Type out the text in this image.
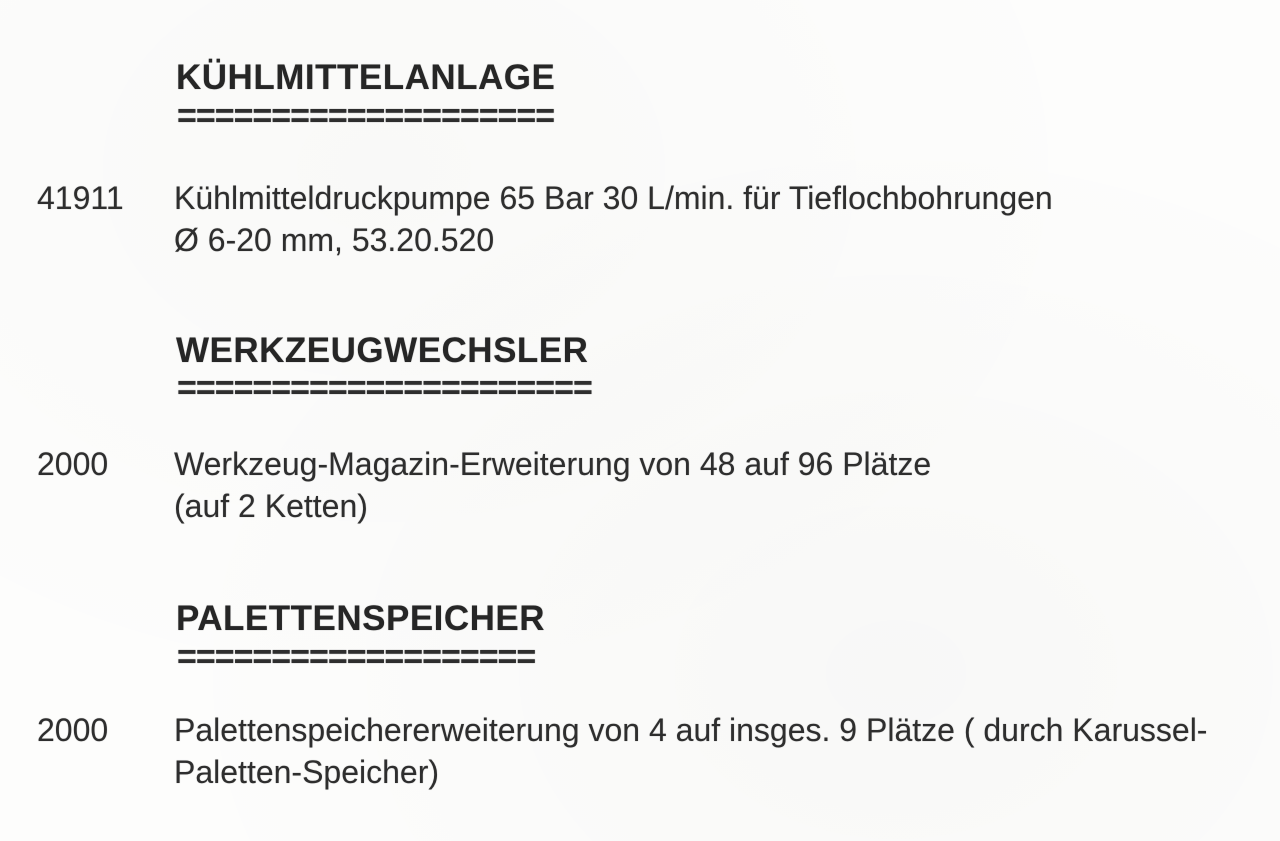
KÜHLMITTELANLAGE
====================
41911 Kühlmitteldruckpumpe 65 Bar 30 L/min. für Tieflochbohrungen
Ø 6-20 mm, 53.20.520
WERKZEUGWECHSLER
======================
2000 Werkzeug-Magazin-Erweiterung von 48 auf 96 Plätze
(auf 2 Ketten)
PALETTENSPEICHER
===================
2000 Palettenspeichererweiterung von 4 auf insges. 9 Plätze ( durch Karussel-
Paletten-Speicher)
